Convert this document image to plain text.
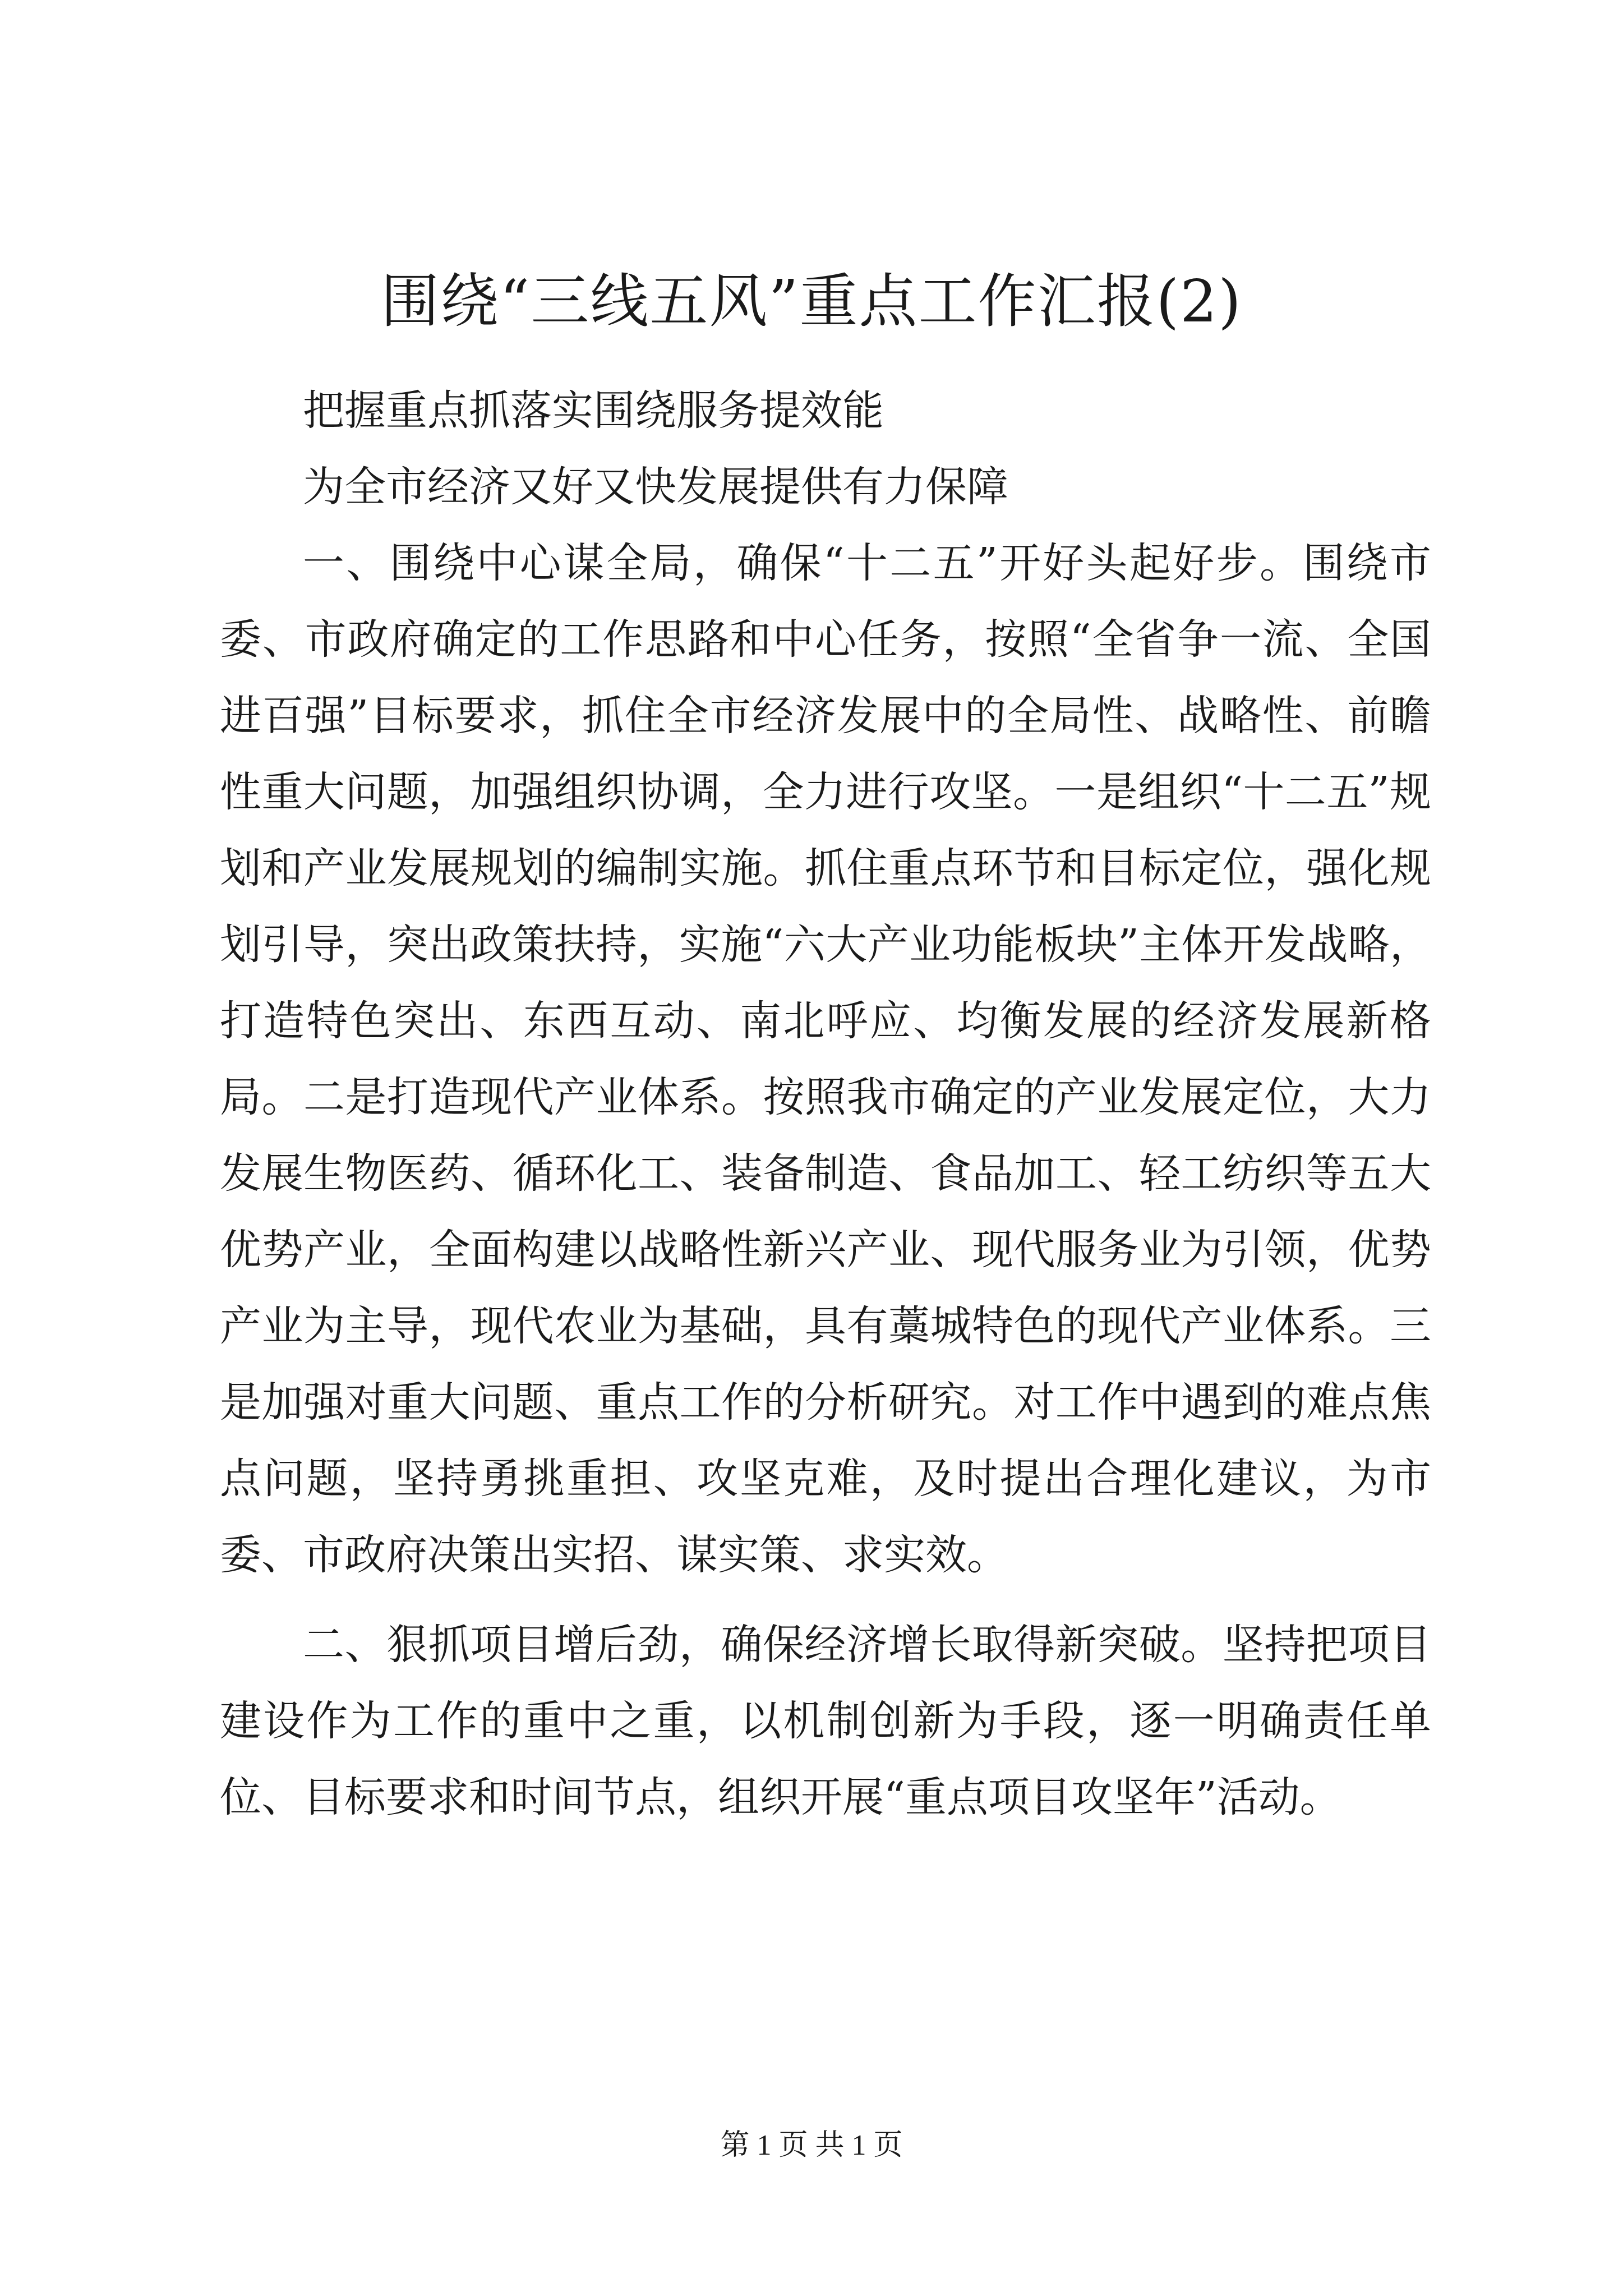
围绕“三线五风”重点工作汇报(2)

把握重点抓落实围绕服务提效能

为全市经济又好又快发展提供有力保障

一、围绕中心谋全局，确保“十二五”开好头起好步。围绕市委、市政府确定的工作思路和中心任务，按照“全省争一流、全国进百强”目标要求，抓住全市经济发展中的全局性、战略性、前瞻性重大问题，加强组织协调，全力进行攻坚。一是组织“十二五”规划和产业发展规划的编制实施。抓住重点环节和目标定位，强化规划引导，突出政策扶持，实施“六大产业功能板块”主体开发战略，打造特色突出、东西互动、南北呼应、均衡发展的经济发展新格局。二是打造现代产业体系。按照我市确定的产业发展定位，大力发展生物医药、循环化工、装备制造、食品加工、轻工纺织等五大优势产业，全面构建以战略性新兴产业、现代服务业为引领，优势产业为主导，现代农业为基础，具有藁城特色的现代产业体系。三是加强对重大问题、重点工作的分析研究。对工作中遇到的难点焦点问题，坚持勇挑重担、攻坚克难，及时提出合理化建议，为市委、市政府决策出实招、谋实策、求实效。

二、狠抓项目增后劲，确保经济增长取得新突破。坚持把项目建设作为工作的重中之重，以机制创新为手段，逐一明确责任单位、目标要求和时间节点，组织开展“重点项目攻坚年”活动。

第 1 页 共 1 页
